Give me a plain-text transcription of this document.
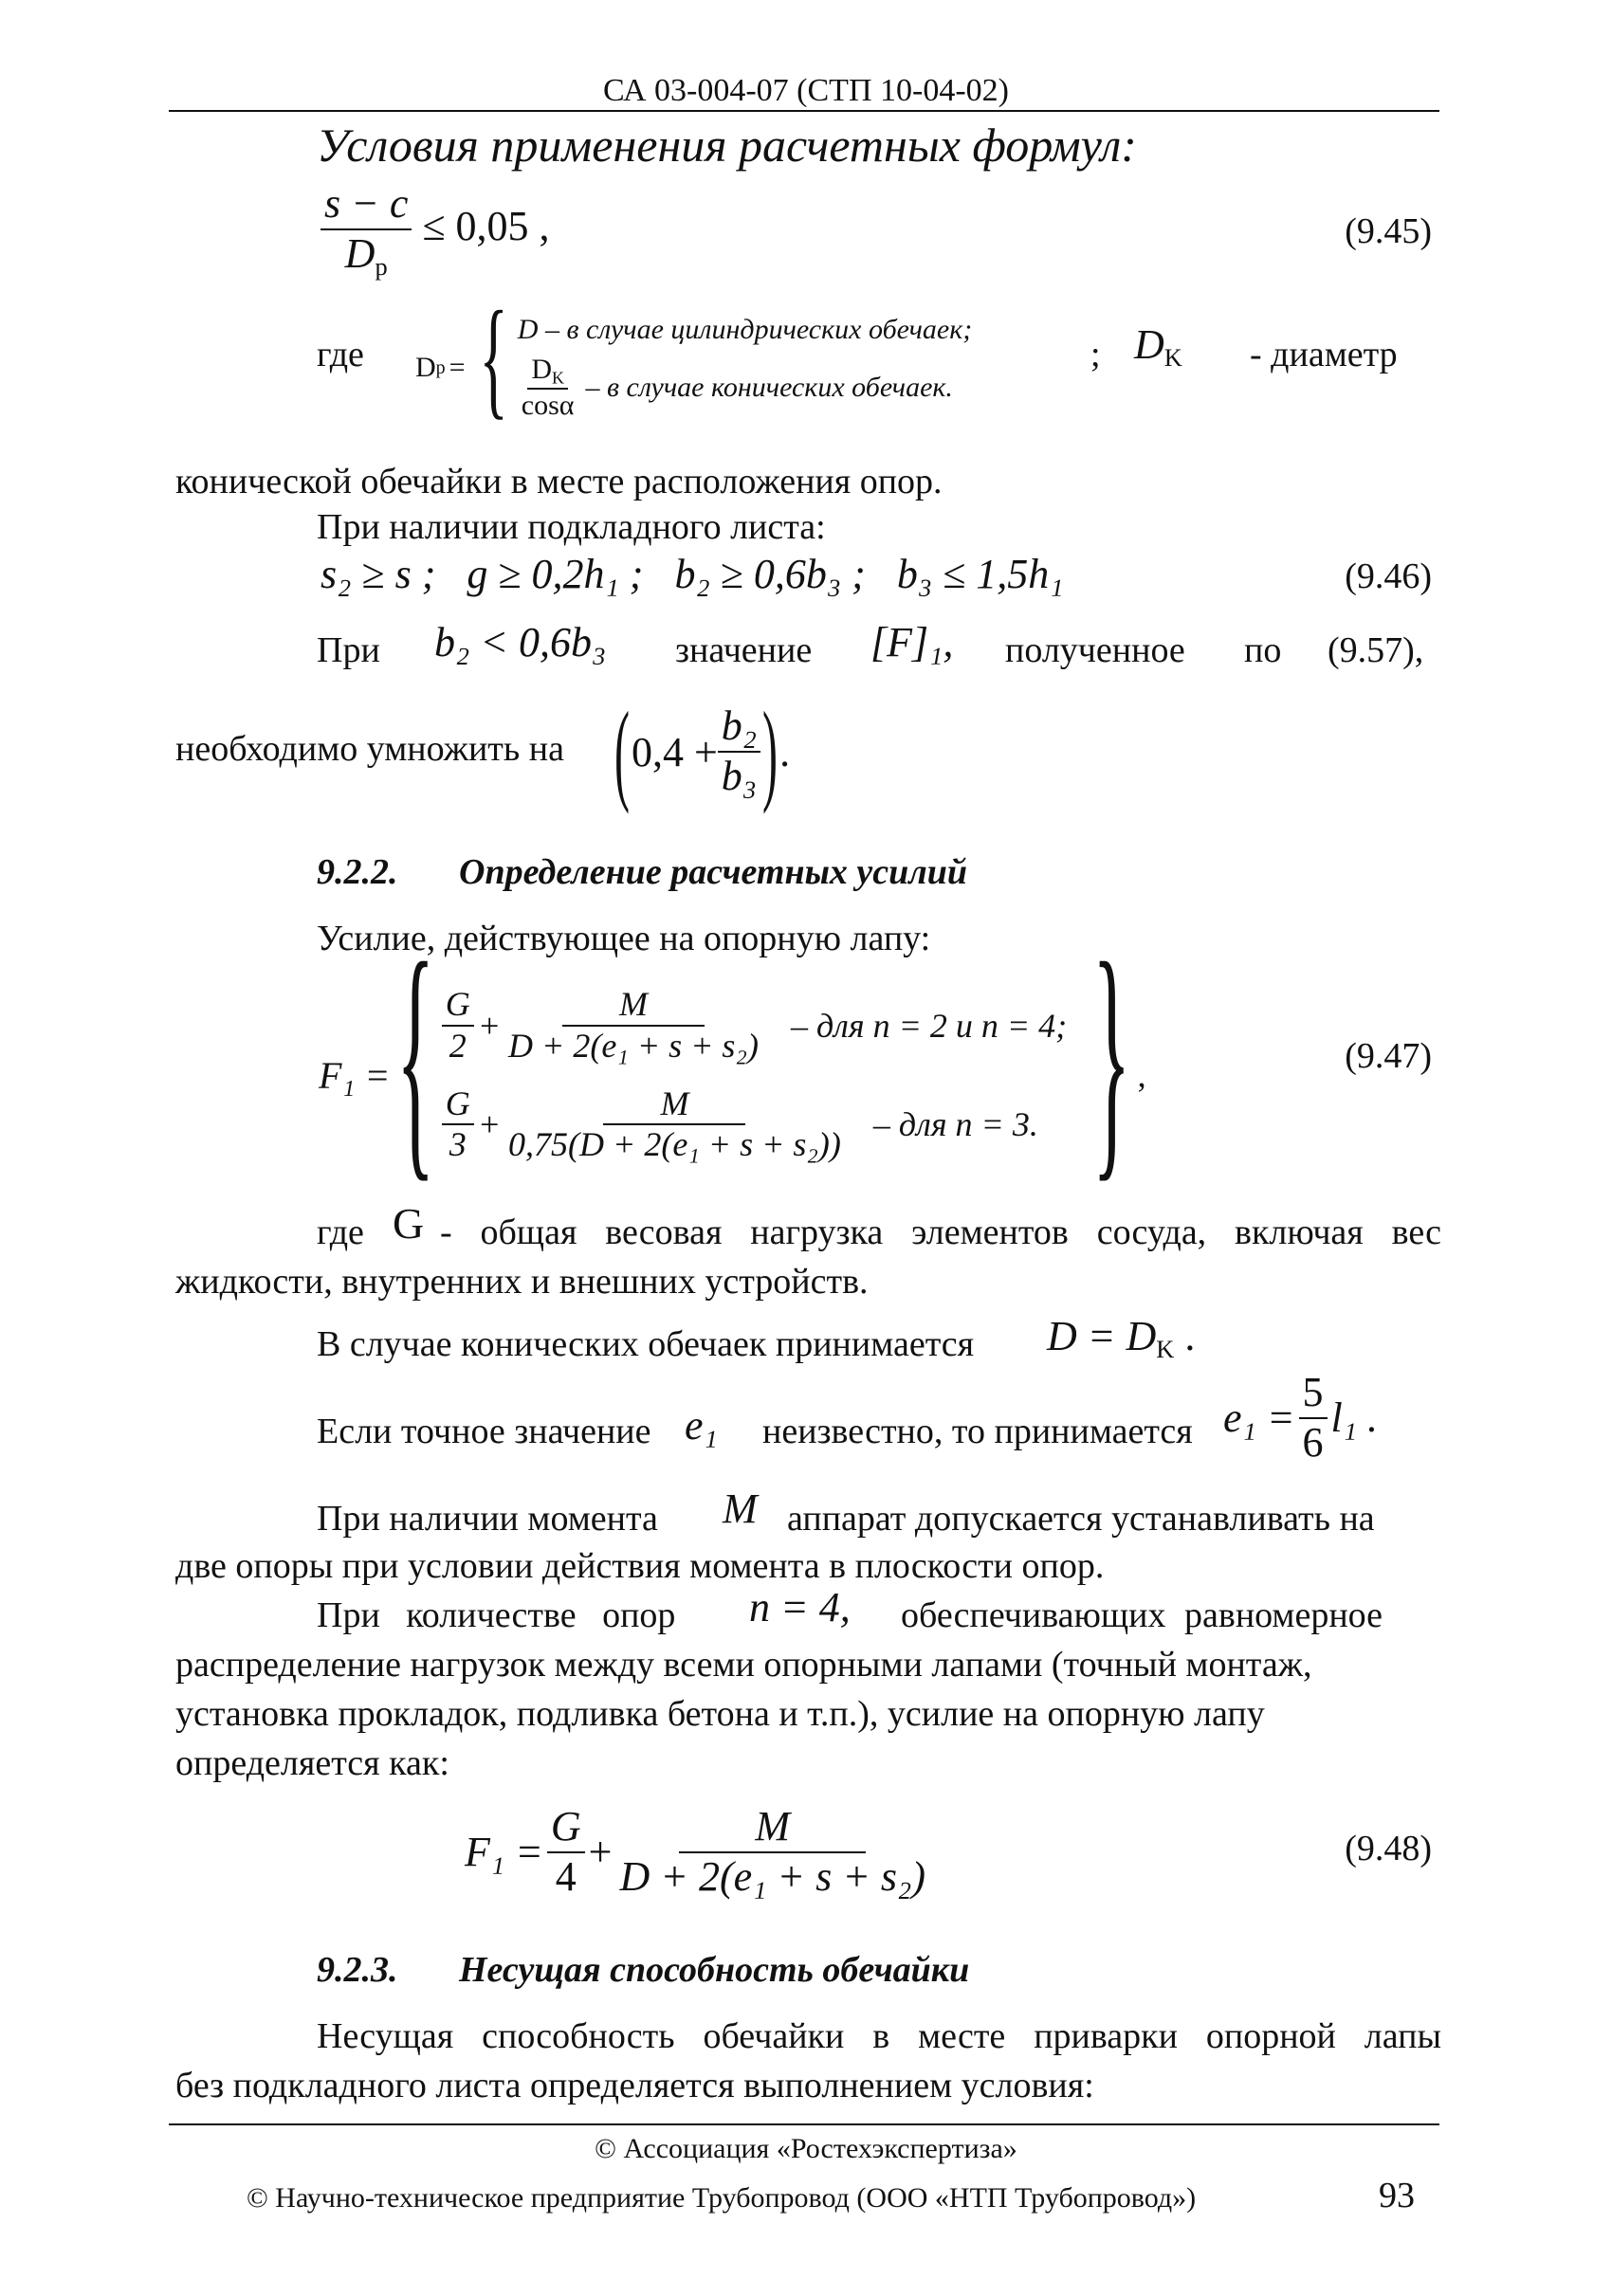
СА 03-004-07 (СТП 10-04-02)
Условия применения расчетных формул:
s − c
$D_р$
≤ 0,05 ,	(9.45)
где D р = { D – в случае цилиндрических обечаек;
$D_K$
cosα
– в случае конических обечаек.
; $D_K$ - диаметр
конической обечайки в месте расположения опор.
При наличии подкладного листа:
s₂ ≥ s ;   g ≥ 0,2h₁ ;   b₂ ≥ 0,6b₃ ;   b₃ ≤ 1,5h₁	(9.46)
При b₂ < 0,6b₃ значение [F]₁, полученное по (9.57),
необходимо умножить на ( $0,4 + \frac{\text{b₂}}{\text{b₃}}$ ) .
9.2.2. Определение расчетных усилий
Усилие, действующее на опорную лапу:
F₁ = { G
2
+ $\frac{M}{\text{D + 2(e₁ + s + s₂)}}$ – для n = 2 и n = 4;
G
3
+ $\frac{M}{\text{0,75(D + 2(e₁ + s + s₂))}}$ – для n = 3. } ,	(9.47)
где G - общая весовая нагрузка элементов сосуда, включая вес
жидкости, внутренних и внешних устройств.
В случае конических обечаек принимается $D = D_K$ .
Если точное значение e₁ неизвестно, то принимается $e_1 = \frac{5}{6} l_1$ .
При наличии момента M аппарат допускается устанавливать на
две опоры при условии действия момента в плоскости опор.
При количестве опор n = 4, обеспечивающих равномерное
распределение нагрузок между всеми опорными лапами (точный монтаж,
установка прокладок, подливка бетона и т.п.), усилие на опорную лапу
определяется как:
$F_1 = \frac{G}{4} + \frac{M}{\text{D + 2(e₁ + s + s₂)}}$	(9.48)
9.2.3. Несущая способность обечайки
Несущая способность обечайки в месте приварки опорной лапы
без подкладного листа определяется выполнением условия:
© Ассоциация «Ростехэкспертиза»
© Научно-техническое предприятие Трубопровод (ООО «НТП Трубопровод»)	93
